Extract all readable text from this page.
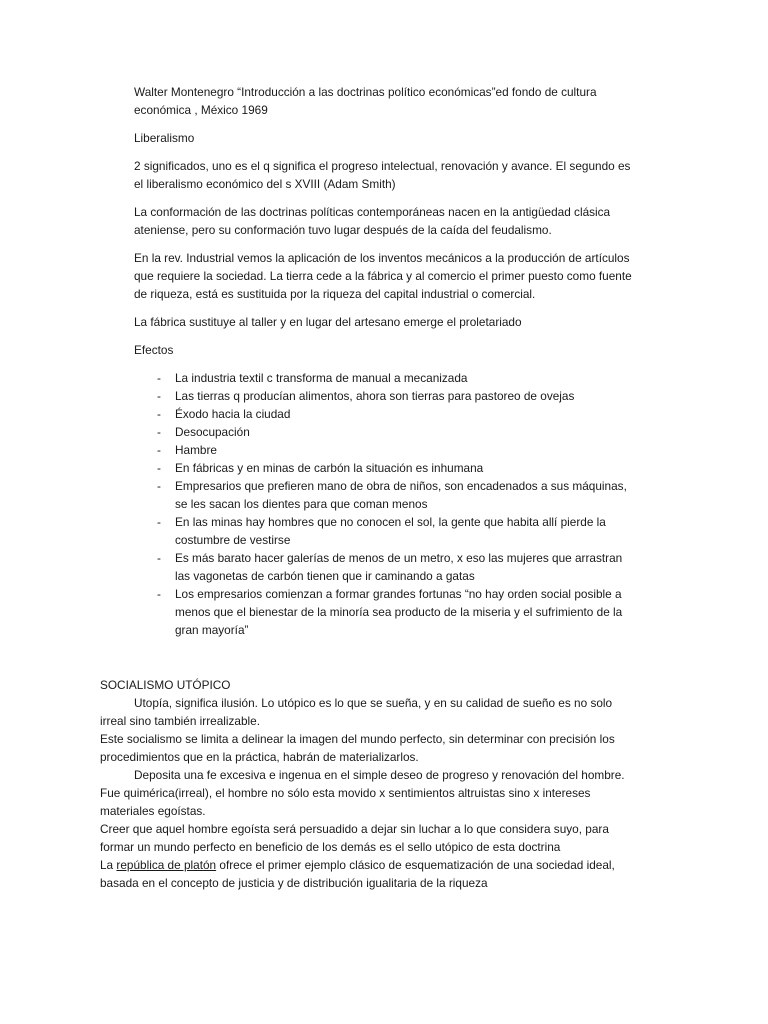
Walter Montenegro “Introducción a las doctrinas político económicas”ed fondo de cultura económica , México 1969

Liberalismo

2 significados, uno es el q significa el progreso intelectual, renovación y avance. El segundo es el liberalismo económico del s XVIII (Adam Smith)

La conformación de las doctrinas políticas contemporáneas nacen en la antigüedad clásica ateniense, pero su conformación tuvo lugar después de la caída del feudalismo.

En la rev. Industrial vemos la aplicación de los inventos mecánicos a la producción de artículos que requiere la sociedad. La tierra cede a la fábrica y al comercio el primer puesto como fuente de riqueza, está es sustituida por la riqueza del capital industrial o comercial.

La fábrica sustituye al taller y en lugar del artesano emerge el proletariado

Efectos

- La industria textil c transforma de manual a mecanizada
- Las tierras q producían alimentos, ahora son tierras para pastoreo de ovejas
- Éxodo hacia la ciudad
- Desocupación
- Hambre
- En fábricas y en minas de carbón la situación es inhumana
- Empresarios que prefieren mano de obra de niños, son encadenados a sus máquinas, se les sacan los dientes para que coman menos
- En las minas hay hombres que no conocen el sol, la gente que habita allí pierde la costumbre de vestirse
- Es más barato hacer galerías de menos de un metro, x eso las mujeres que arrastran las vagonetas de carbón tienen que ir caminando a gatas
- Los empresarios comienzan a formar grandes fortunas “no hay orden social posible a menos que el bienestar de la minoría sea producto de la miseria y el sufrimiento de la gran mayoría”

SOCIALISMO UTÓPICO

Utopía, significa ilusión. Lo utópico es lo que se sueña, y en su calidad de sueño es no solo irreal sino también irrealizable.

Este socialismo se limita a delinear la imagen del mundo perfecto, sin determinar con precisión los procedimientos que en la práctica, habrán de materializarlos.

Deposita una fe excesiva e ingenua en el simple deseo de progreso y renovación del hombre.

Fue quimérica(irreal), el hombre no sólo esta movido x sentimientos altruistas sino x intereses materiales egoístas.

Creer que aquel hombre egoísta será persuadido a dejar sin luchar a lo que considera suyo, para formar un mundo perfecto en beneficio de los demás es el sello utópico de esta doctrina

La república de platón ofrece el primer ejemplo clásico de esquematización de una sociedad ideal, basada en el concepto de justicia y de distribución igualitaria de la riqueza
